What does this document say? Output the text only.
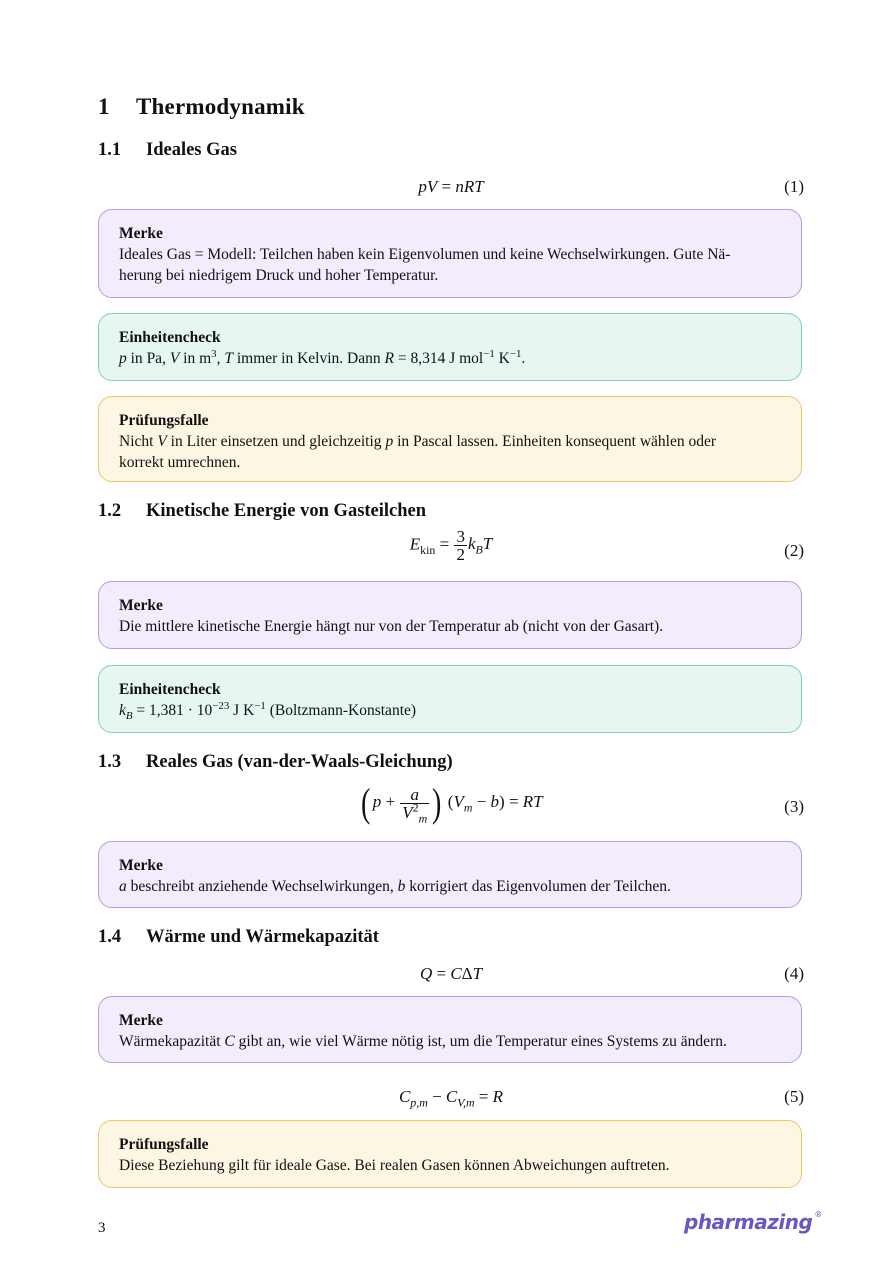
1 Thermodynamik
1.1 Ideales Gas
pV = nRT	(1)
Merke
Ideales Gas = Modell: Teilchen haben kein Eigenvolumen und keine Wechselwirkungen. Gute Nä-
herung bei niedrigem Druck und hoher Temperatur.
Einheitencheck
p in Pa, V in $m^3$, T immer in Kelvin. Dann R = 8,314 J mol$^{-1}$ $K^{-1}$.
Prüfungsfalle
Nicht V in Liter einsetzen und gleichzeitig p in Pascal lassen. Einheiten konsequent wählen oder
korrekt umrechnen.
1.2 Kinetische Energie von Gasteilchen
$E_{kin} = \frac{3}{2} k_BT$	(2)
Merke
Die mittlere kinetische Energie hängt nur von der Temperatur ab (nicht von der Gasart).
Einheitencheck
$k_B = 1,381 \cdot 10^{-23}$ J $K^{-1}$ (Boltzmann-Konstante)
1.3 Reales Gas (van-der-Waals-Gleichung)
( $p + \frac{a}{V^2_m}$ ) $(V_m - b)$ = RT	(3)
Merke
a beschreibt anziehende Wechselwirkungen, b korrigiert das Eigenvolumen der Teilchen.
1.4 Wärme und Wärmekapazität
Q = CΔT	(4)
Merke
Wärmekapazität C gibt an, wie viel Wärme nötig ist, um die Temperatur eines Systems zu ändern.
$C_{p,m} - C_{V,m} = R$	(5)
Prüfungsfalle
Diese Beziehung gilt für ideale Gase. Bei realen Gasen können Abweichungen auftreten.
3	pharmazing ®
